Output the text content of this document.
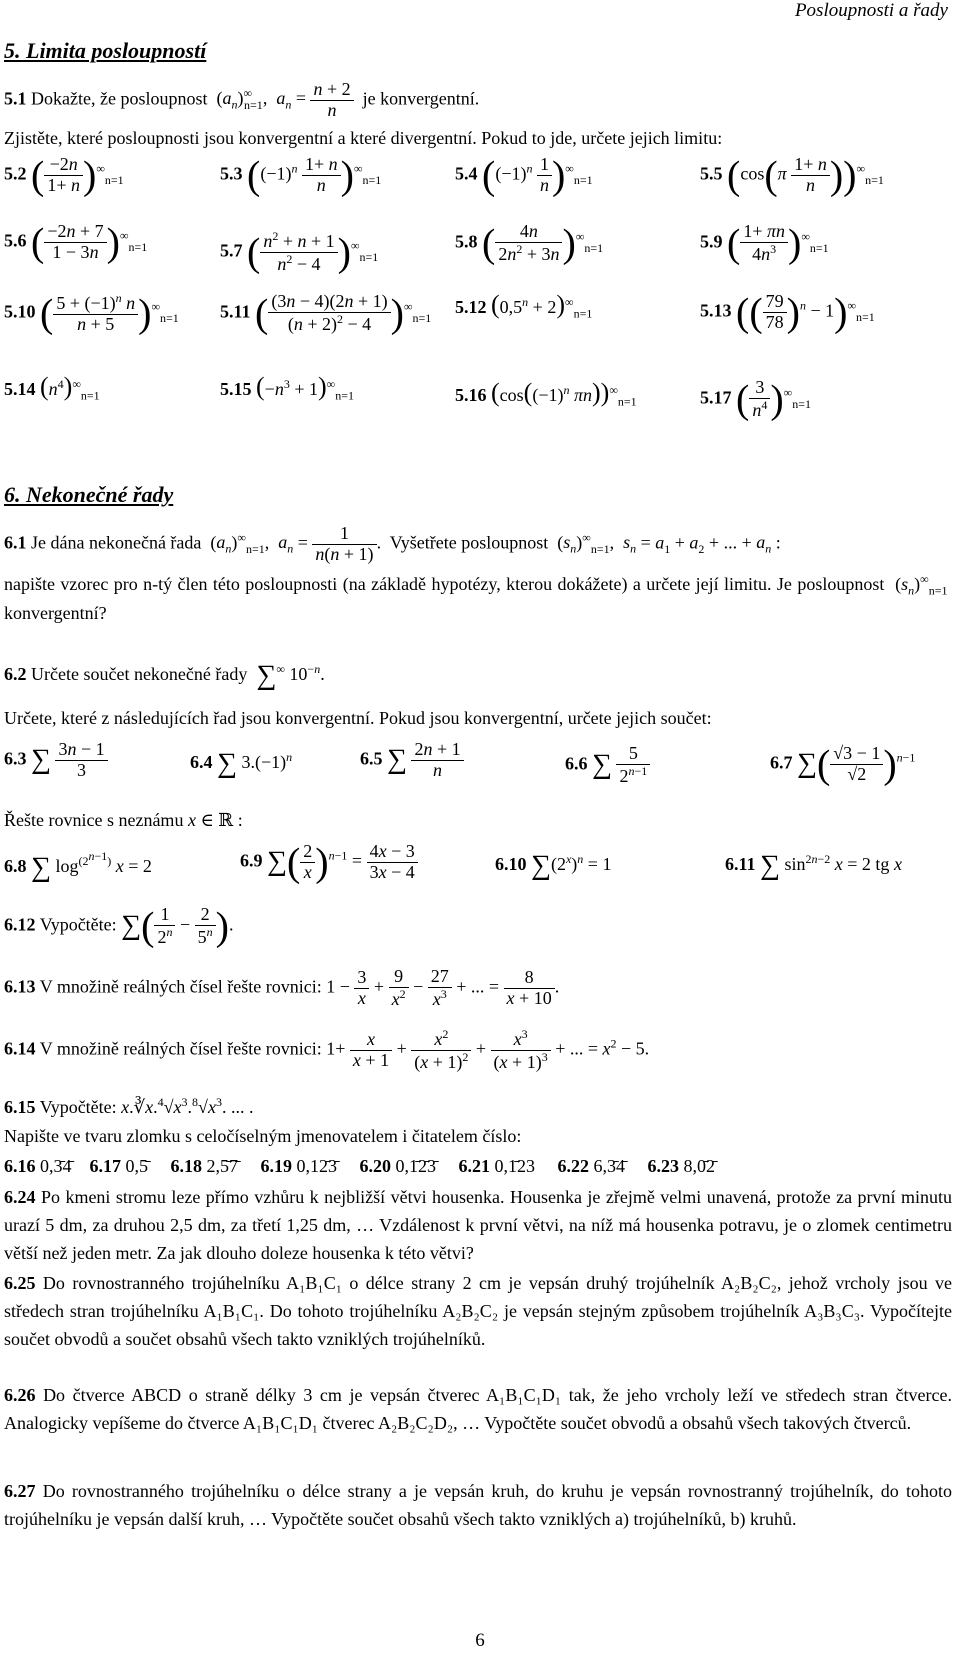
Posloupnosti a řady
5. Limita posloupností
5.1 Dokažte, že posloupnost  $(a_n)^\infty_{n=1}$,  $a_n = \frac{n + 2}{n}$ je konvergentní.
Zjistěte, které posloupnosti jsou konvergentní a které divergentní. Pokud to jde, určete jejich limitu:
5.2 ( $\frac{-2n}{1+ n} )^\infty_{n=1}$	5.3 $((-1)^n \frac{1+ n}{n} )^\infty_{n=1}$	5.4 $((-1)^n \frac{1}{n} )^\infty_{n=1}$	5.5 $(\cos(\pi \frac{1+ n}{n} ))^\infty_{n=1}$
5.6 ( $\frac{-2n + 7}{1 - 3n} )^\infty_{n=1}$	5.7 ( $\frac{n^2 + n + 1}{n^2 - 4} )^\infty_{n=1}$
5.8 ( $\frac{4n}{2n^2 + 3n} )^\infty_{n=1}$	5.9 ( $\frac{1+ \pi n}{4n^3} )^\infty_{n=1}$
5.10 ( $\frac{5 + (-1)^n n}{n + 5} )^\infty_{n=1}$ 5.11 ( $\frac{(3n - 4)(2n + 1)}{(n + 2)^2 - 4} )^\infty_{n=1}$
5.12 $(0,5^n + 2)^\infty_{n=1}$	5.13 (( $\frac{79}{78} )^n - 1)^\infty_{n=1}$
5.14 $(n^4)^\infty_{n=1}$	5.15 $(-n^3 + 1)^\infty_{n=1}$	5.16 ($\cos((-1)^n$ $\pi n))^\infty_{n=1}$	5.17 ( $\frac{3}{n^4} )^\infty_{n=1}$
6. Nekonečné řady
6.1 Je dána nekonečná řada  $(a_n)^\infty_{n=1}$,  $a_n = \frac{1}{n(n + 1)}$ .  Vyšetřete posloupnost  $(s_n)^\infty_{n=1}$,  $s_n = a_1 + a_2$ + ... + $a_n$ :
napište vzorec pro n-tý člen této posloupnosti (na základě hypotézy, kterou dokážete) a určete její limitu. Je posloupnost  $(s_n)^\infty_{n=1}$  konvergentní?
6.2 Určete součet nekonečné řady ∑∞ $10^{-n}$.
Určete, které z následujících řad jsou konvergentní. Pokud jsou konvergentní, určete jejich součet:
6.3 ∑ $\frac{3n - 1}{3}$	6.4 ∑ $3.(-1)^n$	6.5 ∑ $\frac{2n + 1}{n}$	6.6 ∑ $\frac{5}{2^{n-1}}$	6.7 ∑( $\frac{√3 - 1}{√2} )^{n-1}$
Řešte rovnice s neznámu x ∈ ℝ :
6.8 ∑ $\log^{(2^{n-1})} x = 2$	6.9 ∑( $\frac{2}{x} )^{n-1} = \frac{4x - 3}{3x - 4}$	6.10 $\sum(2^x)^n = 1$	6.11 ∑ $\sin^{2n-2} x = 2$ tg x
6.12 Vypočtěte: ∑( $\frac{1}{2^n} - \frac{2}{5^n}$ ).
6.13 V množině reálných čísel řešte rovnici: $1 - \frac{3}{x} + \frac{9}{x^2} - \frac{27}{x^3}$ + ... = $\frac{8}{x + 10}$ .
6.14 V množině reálných čísel řešte rovnici: $1+ \frac{x}{x + 1} + \frac{x^2}{(x + 1)^2} + \frac{x^3}{(x + 1)^3}$ + ... = $x^2 - 5$.
6.15 Vypočtěte: $x.∛x.^4√x^3.^8√x^3$. ... .
Napište ve tvaru zlomku s celočíselným jmenovatelem i čitatelem číslo:
6.16 0,3̄4̄ 6.17 0,5̄ 6.18 2,5̄7̄ 6.19 0,12̄3̄ 6.20 0,1̄2̄3̄ 6.21 0,1̄23 6.22 6,3̄4̄ 6.23 8,0̄2̄
6.24 Po kmeni stromu leze přímo vzhůru k nejbližší větvi housenka. Housenka je zřejmě velmi unavená, protože za první minutu urazí 5 dm, za druhou 2,5 dm, za třetí 1,25 dm, … Vzdálenost k první větvi, na níž má housenka potravu, je o zlomek centimetru větší než jeden metr. Za jak dlouho doleze housenka k této větvi?
6.25 Do rovnostranného trojúhelníku A₁B₁C₁ o délce strany 2 cm je vepsán druhý trojúhelník A₂B₂C₂, jehož vrcholy jsou ve středech stran trojúhelníku A₁B₁C₁. Do tohoto trojúhelníku A₂B₂C₂ je vepsán stejným způsobem trojúhelník A₃B₃C₃. Vypočítejte součet obvodů a součet obsahů všech takto vzniklých trojúhelníků.
6.26 Do čtverce ABCD o straně délky 3 cm je vepsán čtverec A₁B₁C₁D₁ tak, že jeho vrcholy leží ve středech stran čtverce. Analogicky vepíšeme do čtverce A₁B₁C₁D₁ čtverec A₂B₂C₂D₂, … Vypočtěte součet obvodů a obsahů všech takových čtverců.
6.27 Do rovnostranného trojúhelníku o délce strany a je vepsán kruh, do kruhu je vepsán rovnostranný trojúhelník, do tohoto trojúhelníku je vepsán další kruh, … Vypočtěte součet obsahů všech takto vzniklých a) trojúhelníků, b) kruhů.
6
